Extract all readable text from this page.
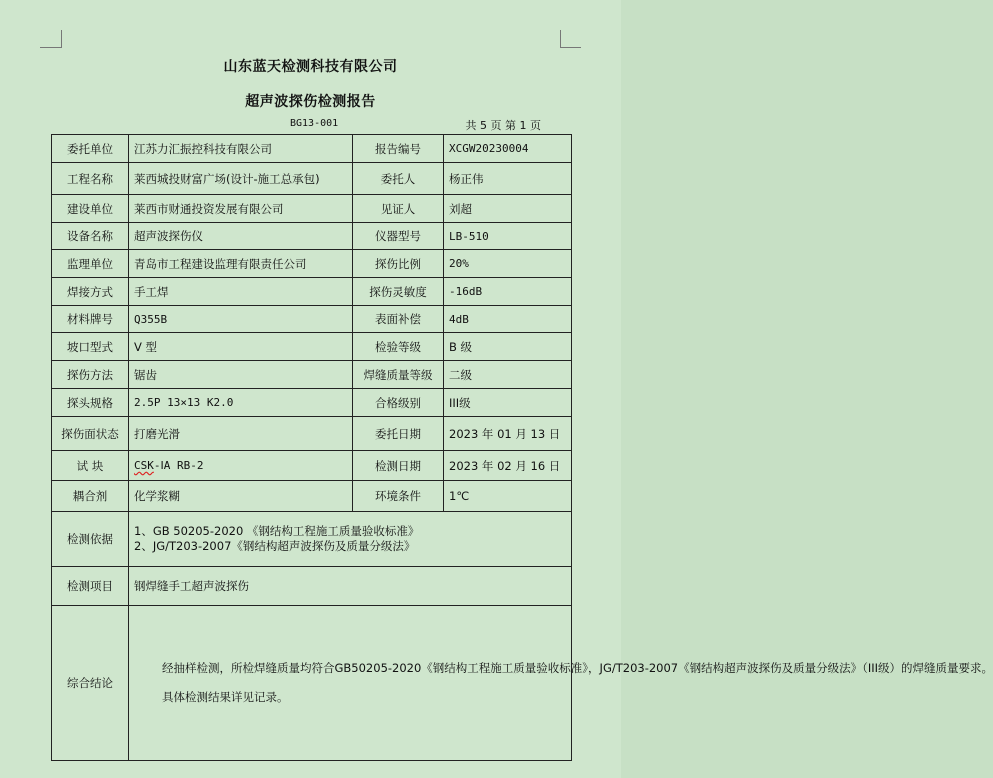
山东蓝天检测科技有限公司
超声波探伤检测报告
BG13-001	共 5 页 第 1 页
委托单位	江苏力汇振控科技有限公司	报告编号	XCGW20230004
工程名称	莱西城投财富广场(设计-施工总承包)	委托人	杨正伟
建设单位	莱西市财通投资发展有限公司	见证人	刘超
设备名称	超声波探伤仪	仪器型号	LB-510
监理单位	青岛市工程建设监理有限责任公司	探伤比例	20%
焊接方式	手工焊	探伤灵敏度	-16dB
材料牌号	Q355B	表面补偿	4dB
坡口型式	V 型	检验等级	B 级
探伤方法	锯齿	焊缝质量等级	二级
探头规格	2.5P 13×13 K2.0	合格级别	III级
探伤面状态	打磨光滑	委托日期	2023 年 01 月 13 日
试 块	CSK-ⅠA RB-2	检测日期	2023 年 02 月 16 日
耦合剂	化学浆糊	环境条件	1℃
检测依据	1、GB 50205-2020 《钢结构工程施工质量验收标准》
2、JG/T203-2007《钢结构超声波探伤及质量分级法》		

检测项目	钢焊缝手工超声波探伤		
综合结论	经抽样检测，所检焊缝质量均符合GB50205-2020《钢结构工程施工质量验收标准》，JG/T203-2007《钢结构超声波探伤及质量分级法》（III级）的焊缝质量要求。

具体检测结果详见记录。		
